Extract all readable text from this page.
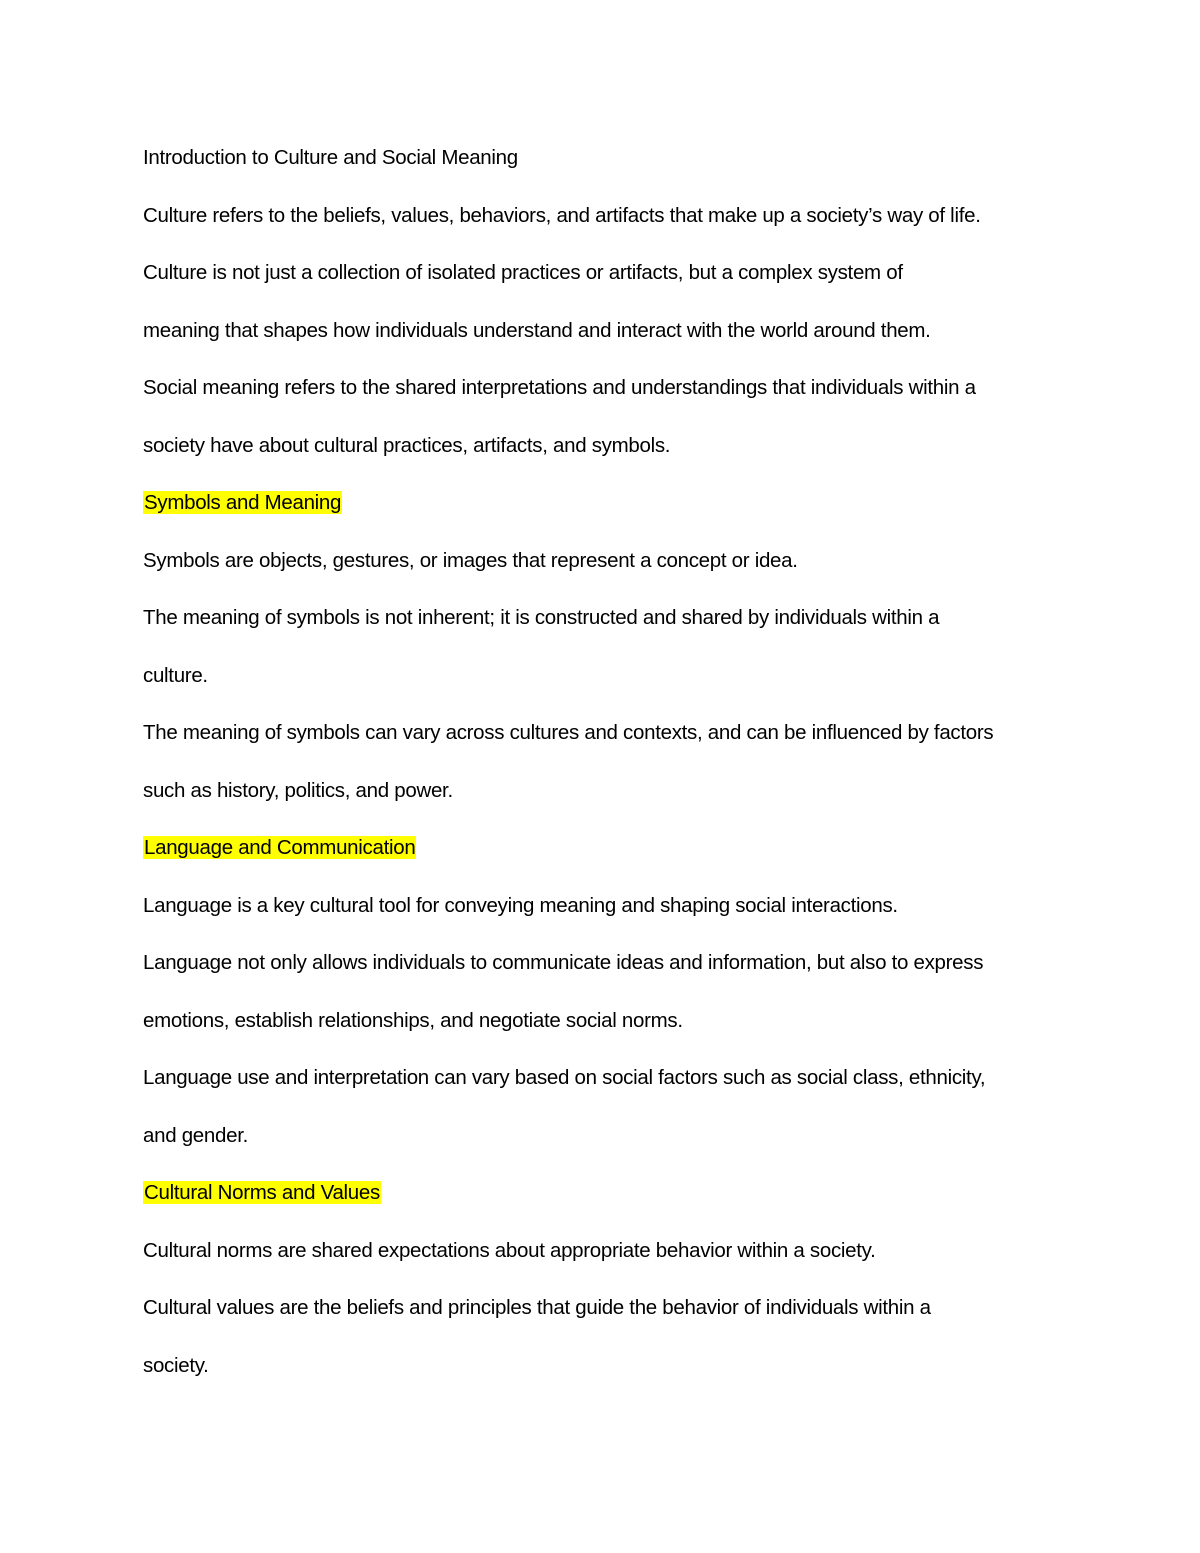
Introduction to Culture and Social Meaning
Culture refers to the beliefs, values, behaviors, and artifacts that make up a society’s way of life.
Culture is not just a collection of isolated practices or artifacts, but a complex system of
meaning that shapes how individuals understand and interact with the world around them.
Social meaning refers to the shared interpretations and understandings that individuals within a
society have about cultural practices, artifacts, and symbols.
Symbols and Meaning
Symbols are objects, gestures, or images that represent a concept or idea.
The meaning of symbols is not inherent; it is constructed and shared by individuals within a
culture.
The meaning of symbols can vary across cultures and contexts, and can be influenced by factors
such as history, politics, and power.
Language and Communication
Language is a key cultural tool for conveying meaning and shaping social interactions.
Language not only allows individuals to communicate ideas and information, but also to express
emotions, establish relationships, and negotiate social norms.
Language use and interpretation can vary based on social factors such as social class, ethnicity,
and gender.
Cultural Norms and Values
Cultural norms are shared expectations about appropriate behavior within a society.
Cultural values are the beliefs and principles that guide the behavior of individuals within a
society.
